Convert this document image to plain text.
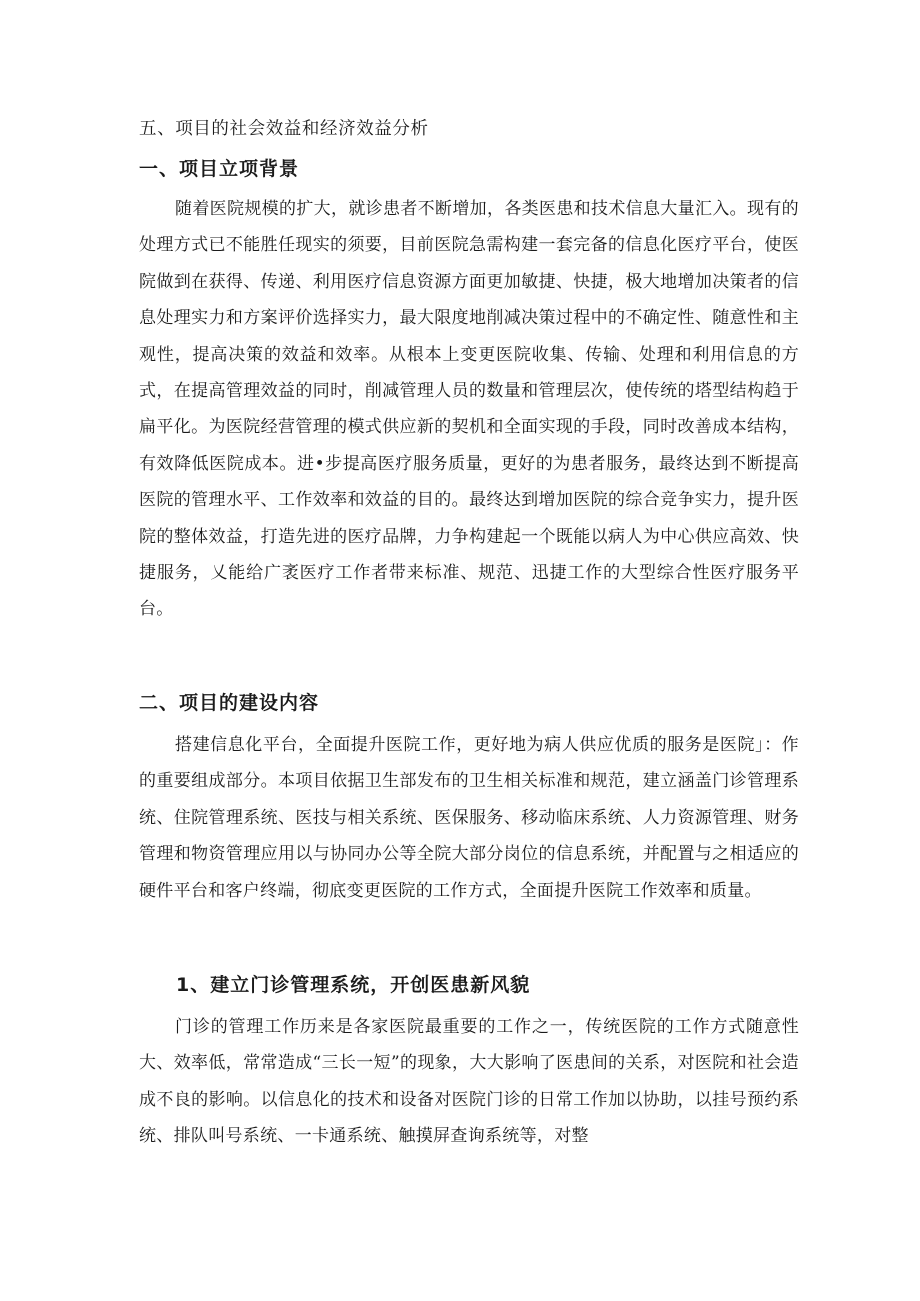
五、项目的社会效益和经济效益分析

一、项目立项背景

随着医院规模的扩大，就诊患者不断增加，各类医患和技术信息大量汇入。现有的处理方式已不能胜任现实的须要，目前医院急需构建一套完备的信息化医疗平台，使医院做到在获得、传递、利用医疗信息资源方面更加敏捷、快捷，极大地增加决策者的信息处理实力和方案评价选择实力，最大限度地削减决策过程中的不确定性、随意性和主观性，提高决策的效益和效率。从根本上变更医院收集、传输、处理和利用信息的方式，在提高管理效益的同时，削减管理人员的数量和管理层次，使传统的塔型结构趋于扁平化。为医院经营管理的模式供应新的契机和全面实现的手段，同时改善成本结构，有效降低医院成本。进•步提高医疗服务质量，更好的为患者服务，最终达到不断提高医院的管理水平、工作效率和效益的目的。最终达到增加医院的综合竞争实力，提升医院的整体效益，打造先进的医疗品牌，力争构建起一个既能以病人为中心供应高效、快捷服务，乂能给广袤医疗工作者带来标准、规范、迅捷工作的大型综合性医疗服务平台。

二、项目的建设内容

搭建信息化平台，全面提升医院工作，更好地为病人供应优质的服务是医院」：作的重要组成部分。本项目依据卫生部发布的卫生相关标准和规范，建立涵盖门诊管理系统、住院管理系统、医技与相关系统、医保服务、移动临床系统、人力资源管理、财务管理和物资管理应用以与协同办公等全院大部分岗位的信息系统，并配置与之相适应的硬件平台和客户终端，彻底变更医院的工作方式，全面提升医院工作效率和质量。

1、建立门诊管理系统，开创医患新风貌

门诊的管理工作历来是各家医院最重要的工作之一，传统医院的工作方式随意性大、效率低，常常造成“三长一短”的现象，大大影响了医患间的关系，对医院和社会造成不良的影响。以信息化的技术和设备对医院门诊的日常工作加以协助，以挂号预约系统、排队叫号系统、一卡通系统、触摸屏查询系统等，对整
